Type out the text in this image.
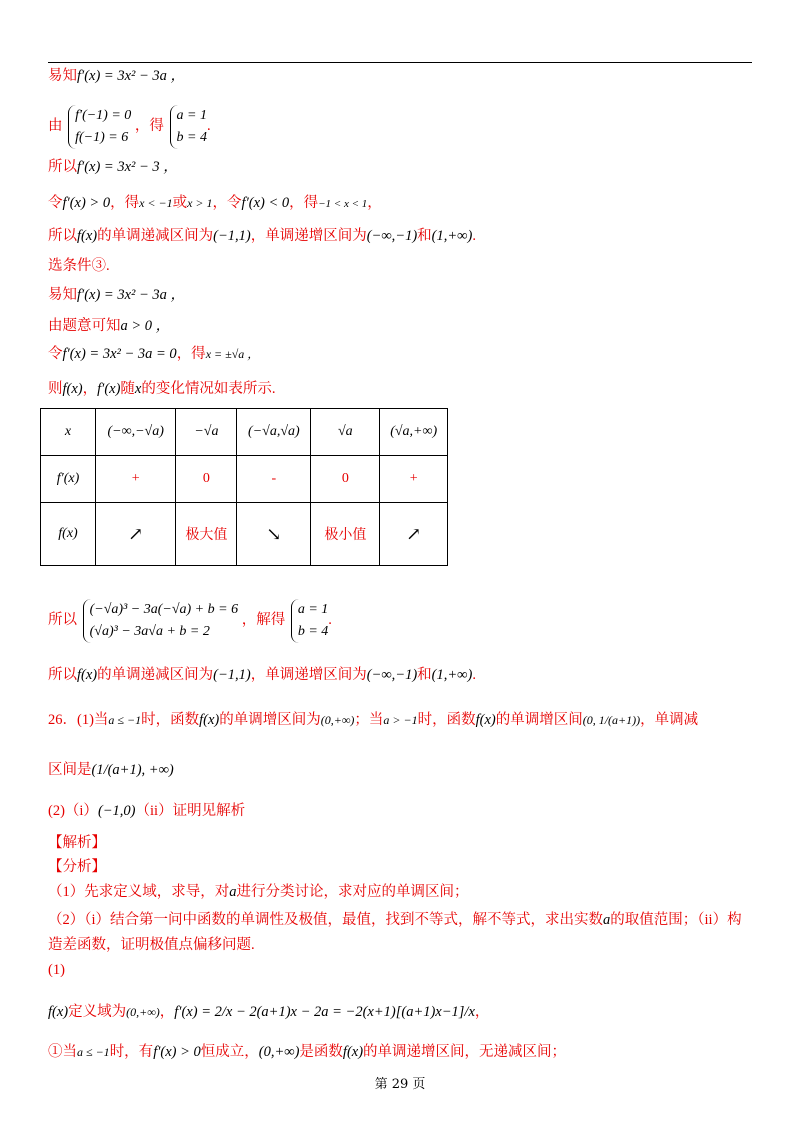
易知f′(x) = 3x² − 3a ，
由
f′(−1) = 0
f(−1) = 6
，得
a = 1
b = 4
.
所以f′(x) = 3x² − 3 ，
令f′(x) > 0，得x < −1或x > 1，令f′(x) < 0，得−1 < x < 1，
所以f(x)的单调递减区间为(−1,1)，单调递增区间为(−∞,−1)和(1,+∞).
选条件③.
易知f′(x) = 3x² − 3a ，
由题意可知a > 0 ，
令f′(x) = 3x² − 3a = 0，得x = ±√a ，
则f(x)，f′(x)随x的变化情况如表所示.
x	(−∞,−√a)	−√a	(−√a,√a)	√a	(√a,+∞)
f′(x)	+	0	-	0	+
f(x)	↗	极大值	↘	极小值	↗
所以
(−√a)³ − 3a(−√a) + b = 6
(√a)³ − 3a√a + b = 2
，解得
a = 1
b = 4
.
所以f(x)的单调递减区间为(−1,1)，单调递增区间为(−∞,−1)和(1,+∞).
26．(1)当a ≤ −1时，函数f(x)的单调增区间为(0,+∞)；当a > −1时，函数f(x)的单调增区间(0, 1/(a+1))，单调减
区间是(1/(a+1), +∞)
(2)（i）(−1,0)（ii）证明见解析
【解析】
【分析】
（1）先求定义域，求导，对a进行分类讨论，求对应的单调区间；
（2）（i）结合第一问中函数的单调性及极值，最值，找到不等式，解不等式，求出实数a的取值范围；（ii）构
造差函数，证明极值点偏移问题.
(1)
f(x)定义域为(0,+∞)，f′(x) = 2/x − 2(a+1)x − 2a = −2(x+1)[(a+1)x−1]/x，
①当a ≤ −1时，有f′(x) > 0恒成立，(0,+∞)是函数f(x)的单调递增区间，无递减区间；
第 29 页
